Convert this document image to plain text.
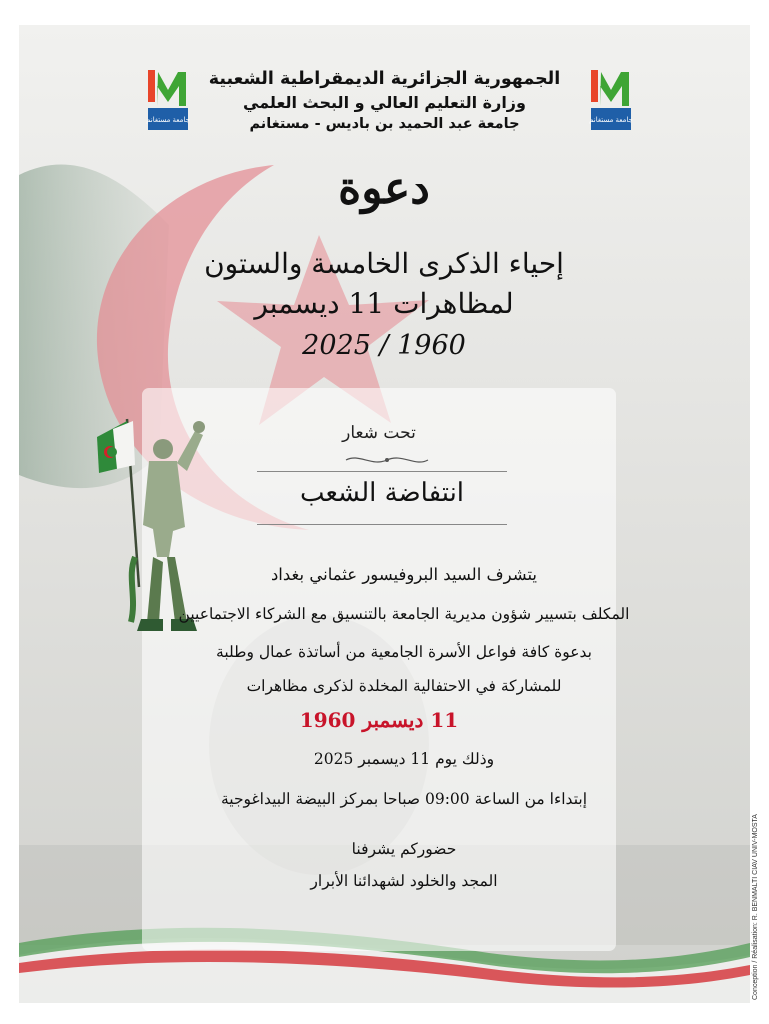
جامعة مستغانم	جامعة مستغانم
الجمهورية الجزائرية الديمقراطية الشعبية
وزارة التعليم العالي و البحث العلمي
جامعة عبد الحميد بن باديس - مستغانم
دعوة
إحياء الذكرى الخامسة والستون
لمظاهرات 11 ديسمبر
2025 / 1960
تحت شعار
انتفاضة الشعب
يتشرف السيد البروفيسور عثماني بغداد
المكلف بتسيير شؤون مديرية الجامعة بالتنسيق مع الشركاء الاجتماعيين
بدعوة كافة فواعل الأسرة الجامعية من أساتذة عمال وطلبة
للمشاركة في الاحتفالية المخلدة لذكرى مظاهرات
11 ديسمبر 1960
وذلك يوم 11 ديسمبر 2025
إبتداءا من الساعة 09:00 صباحا بمركز البيضة البيداغوجية
حضوركم يشرفنا
المجد والخلود لشهدائنا الأبرار	Conception / Réalisation: R. BENMALTI CIAV UNIV-MOSTA
